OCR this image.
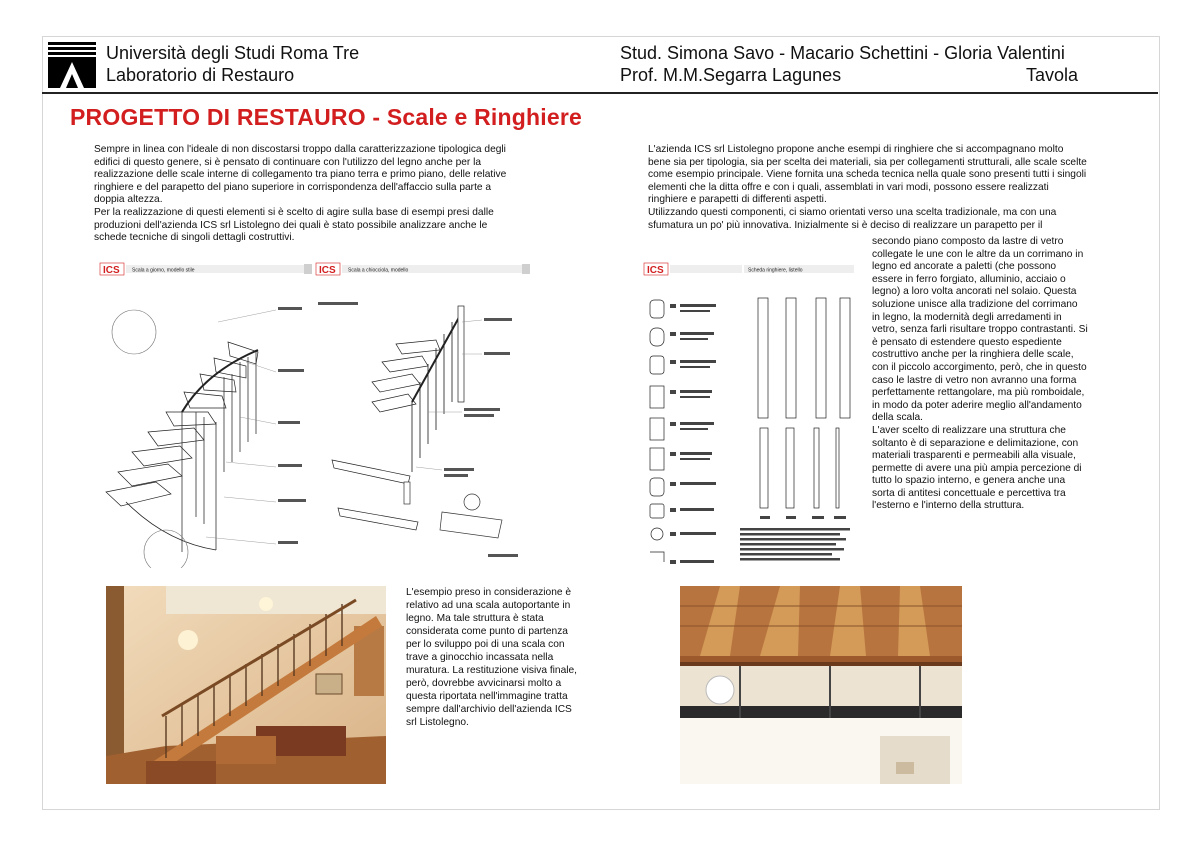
Università degli Studi Roma Tre
Laboratorio di Restauro
Stud. Simona Savo - Macario Schettini - Gloria Valentini
Prof. M.M.Segarra Lagunes	Tavola
PROGETTO DI RESTAURO - Scale e Ringhiere

Sempre in linea con l'ideale di non discostarsi troppo dalla caratterizzazione tipologica degli edifici di questo genere, si è pensato di continuare con l'utilizzo del legno anche per la realizzazione delle scale interne di collegamento tra piano terra e primo piano, delle relative ringhiere e del parapetto del piano superiore in corrispondenza dell'affaccio sulla parte a doppia altezza.

Per la realizzazione di questi elementi si è scelto di agire sulla base di esempi presi dalle produzioni dell'azienda ICS srl Listolegno dei quali è stato possibile analizzare anche le schede tecniche di singoli dettagli costruttivi.

L'azienda ICS srl Listolegno propone anche esempi di ringhiere che si accompagnano molto bene sia per tipologia, sia per scelta dei materiali, sia per collegamenti strutturali, alle scale scelte come esempio principale. Viene fornita una scheda tecnica nella quale sono presenti tutti i singoli elementi che la ditta offre e con i quali, assemblati in vari modi, possono essere realizzati ringhiere e parapetti di differenti aspetti.

Utilizzando questi componenti, ci siamo orientati verso una scelta tradizionale, ma con una sfumatura un po' più innovativa. Inizialmente si è deciso di realizzare un parapetto per il

secondo piano composto da lastre di vetro collegate le une con le altre da un corrimano in legno ed ancorate a paletti (che possono essere in ferro forgiato, alluminio, acciaio o legno) a loro volta ancorati nel solaio. Questa soluzione unisce alla tradizione del corrimano in legno, la modernità degli arredamenti in vetro, senza farli risultare troppo contrastanti. Si è pensato di estendere questo espediente costruttivo anche per la ringhiera delle scale, con il piccolo accorgimento, però, che in questo caso le lastre di vetro non avranno una forma perfettamente rettangolare, ma più romboidale, in modo da poter aderire meglio all'andamento della scala.

L'aver scelto di realizzare una struttura che soltanto è di separazione e delimitazione, con materiali trasparenti e permeabili alla visuale, permette di avere una più ampia percezione di tutto lo spazio interno, e genera anche una sorta di antitesi concettuale e percettiva tra l'esterno e l'interno della struttura.

ICS Scala a giorno, modello stile	ICS Scala a chiocciola, modello	ICS	Scheda ringhiere, listello

L'esempio preso in considerazione è relativo ad una scala autoportante in legno. Ma tale struttura è stata considerata come punto di partenza per lo sviluppo poi di una scala con trave a ginocchio incassata nella muratura. La restituzione visiva finale, però, dovrebbe avvicinarsi molto a questa riportata nell'immagine tratta sempre dall'archivio dell'azienda ICS srl Listolegno.
